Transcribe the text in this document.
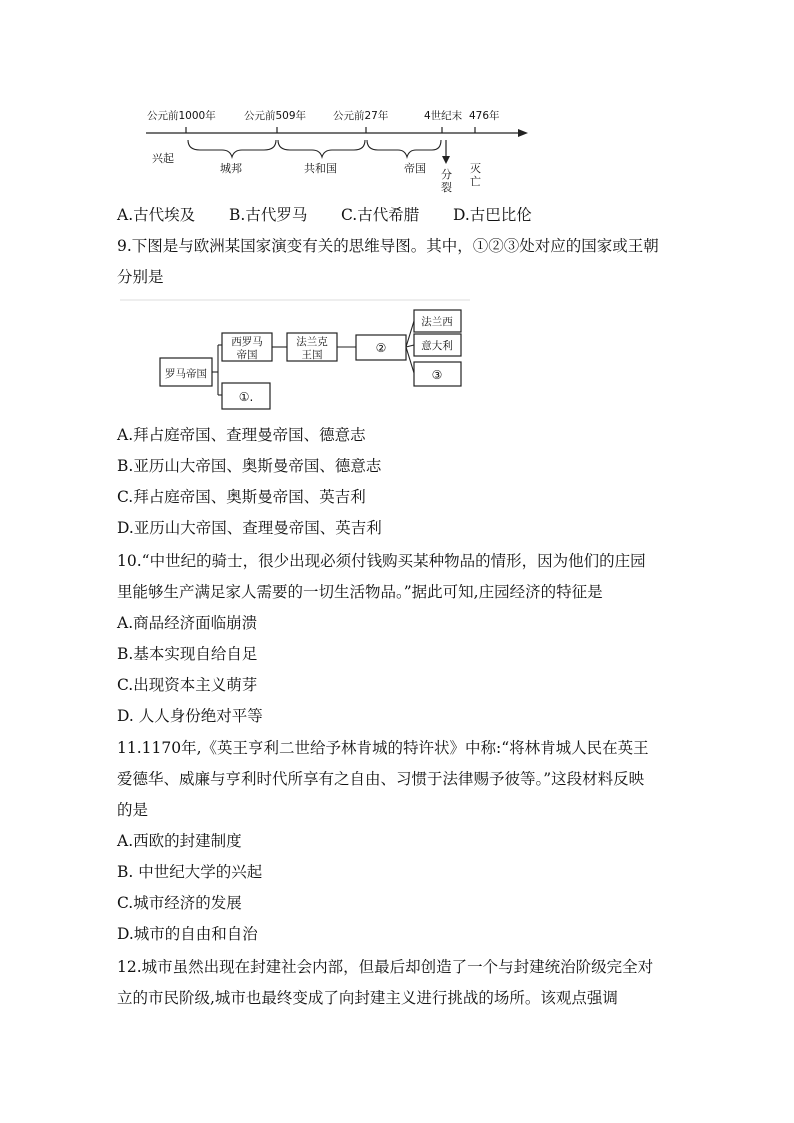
公元前1000年	公元前509年	公元前27年	4世纪末 476年
兴起
城邦	共和国	帝国 分
裂
灭
亡
A.古代埃及 B.古代罗马 C.古代希腊 D.古巴比伦
9.下图是与欧洲某国家演变有关的思维导图。其中，①②③处对应的国家或王朝
分别是
罗马帝国
西罗马
帝国
①.
法兰克
王国	②
法兰西
意大利
③
A.拜占庭帝国、查理曼帝国、德意志
B.亚历山大帝国、奥斯曼帝国、德意志
C.拜占庭帝国、奥斯曼帝国、英吉利
D.亚历山大帝国、查理曼帝国、英吉利
10.“中世纪的骑士，很少出现必须付钱购买某种物品的情形，因为他们的庄园
里能够生产满足家人需要的一切生活物品。”据此可知,庄园经济的特征是
A.商品经济面临崩溃
B.基本实现自给自足
C.出现资本主义萌芽
D. 人人身份绝对平等
11.1170年,《英王亨利二世给予林肯城的特许状》中称:“将林肯城人民在英王
爱德华、威廉与亨利时代所享有之自由、习惯于法律赐予彼等。”这段材料反映
的是
A.西欧的封建制度
B. 中世纪大学的兴起
C.城市经济的发展
D.城市的自由和自治
12.城市虽然出现在封建社会内部，但最后却创造了一个与封建统治阶级完全对
立的市民阶级,城市也最终变成了向封建主义进行挑战的场所。该观点强调
